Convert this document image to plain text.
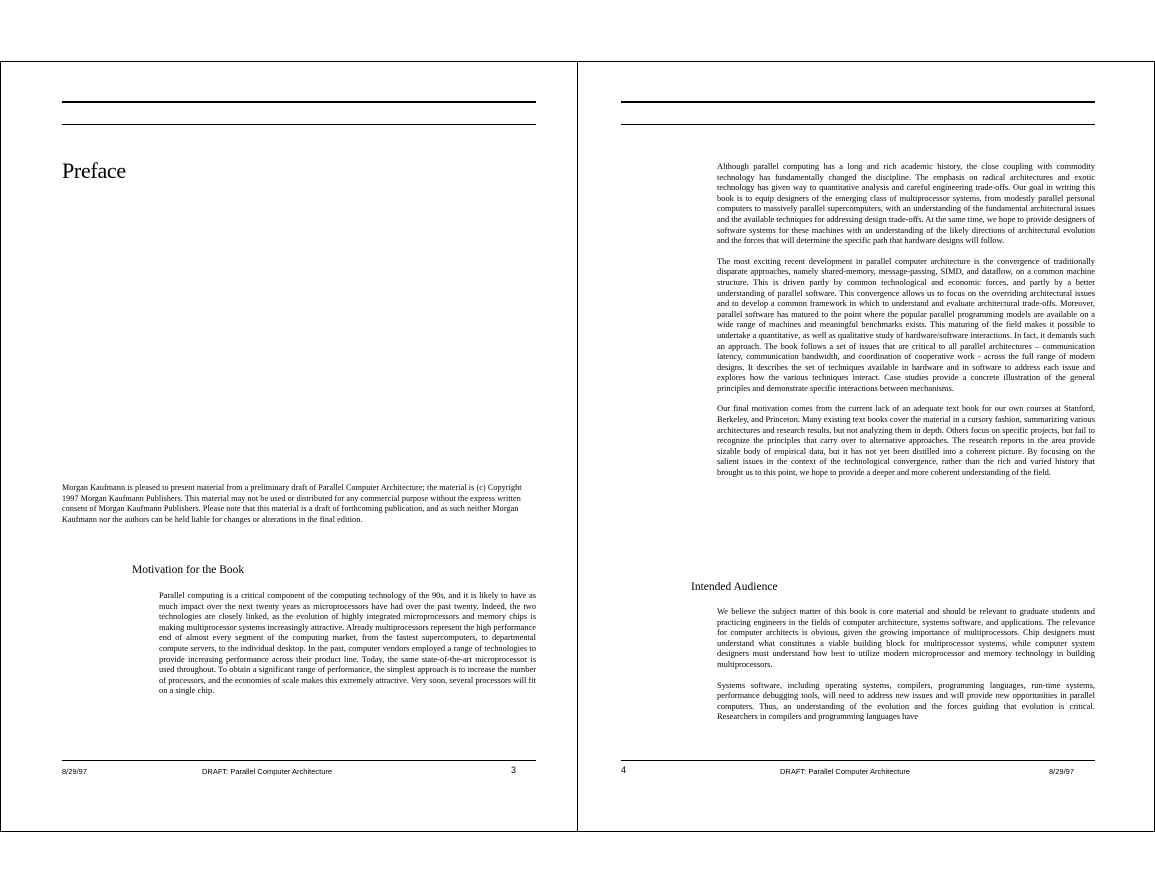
Preface
Morgan Kaufmann is pleased to present material from a preliminary draft of Parallel Computer Architecture; the material is (c) Copyright 1997 Morgan Kaufmann Publishers. This material may not be used or distributed for any commercial purpose without the express written consent of Morgan Kaufmann Publishers. Please note that this material is a draft of forthcoming publication, and as such neither Morgan Kaufmann nor the authors can be held liable for changes or alterations in the final edition.
Motivation for the Book

Parallel computing is a critical component of the computing technology of the 90s, and it is likely to have as much impact over the next twenty years as microprocessors have had over the past twenty. Indeed, the two technologies are closely linked, as the evolution of highly integrated microprocessors and memory chips is making multiprocessor systems increasingly attractive. Already multiprocessors represent the high performance end of almost every segment of the computing market, from the fastest supercomputers, to departmental compute servers, to the individual desktop. In the past, computer vendors employed a range of technologies to provide increasing performance across their product line. Today, the same state-of-the-art microprocessor is used throughout. To obtain a significant range of performance, the simplest approach is to increase the number of processors, and the economies of scale makes this extremely attractive. Very soon, several processors will fit on a single chip.

8/29/97	DRAFT: Parallel Computer Architecture	3

Although parallel computing has a long and rich academic history, the close coupling with commodity technology has fundamentally changed the discipline. The emphasis on radical architectures and exotic technology has given way to quantitative analysis and careful engineering trade-offs. Our goal in writing this book is to equip designers of the emerging class of multiprocessor systems, from modestly parallel personal computers to massively parallel supercomputers, with an understanding of the fundamental architectural issues and the available techniques for addressing design trade-offs. At the same time, we hope to provide designers of software systems for these machines with an understanding of the likely directions of architectural evolution and the forces that will determine the specific path that hardware designs will follow.

The most exciting recent development in parallel computer architecture is the convergence of traditionally disparate approaches, namely shared-memory, message-passing, SIMD, and dataflow, on a common machine structure. This is driven partly by common technological and economic forces, and partly by a better understanding of parallel software. This convergence allows us to focus on the overriding architectural issues and to develop a common framework in which to understand and evaluate architectural trade-offs. Moreover, parallel software has matured to the point where the popular parallel programming models are available on a wide range of machines and meaningful benchmarks exists. This maturing of the field makes it possible to undertake a quantitative, as well as qualitative study of hardware/software interactions. In fact, it demands such an approach. The book follows a set of issues that are critical to all parallel architectures – communication latency, communication bandwidth, and coordination of cooperative work - across the full range of modern designs. It describes the set of techniques available in hardware and in software to address each issue and explores how the various techniques interact. Case studies provide a concrete illustration of the general principles and demonstrate specific interactions between mechanisms.

Our final motivation comes from the current lack of an adequate text book for our own courses at Stanford, Berkeley, and Princeton. Many existing text books cover the material in a cursory fashion, summarizing various architectures and research results, but not analyzing them in depth. Others focus on specific projects, but fail to recognize the principles that carry over to alternative approaches. The research reports in the area provide sizable body of empirical data, but it has not yet been distilled into a coherent picture. By focusing on the salient issues in the context of the technological convergence, rather than the rich and varied history that brought us to this point, we hope to provide a deeper and more coherent understanding of the field.

Intended Audience

We believe the subject matter of this book is core material and should be relevant to graduate students and practicing engineers in the fields of computer architecture, systems software, and applications. The relevance for computer architects is obvious, given the growing importance of multiprocessors. Chip designers must understand what constitutes a viable building block for multiprocessor systems, while computer system designers must understand how best to utilize modern microprocessor and memory technology in building multiprocessors.

Systems software, including operating systems, compilers, programming languages, run-time systems, performance debugging tools, will need to address new issues and will provide new opportunities in parallel computers. Thus, an understanding of the evolution and the forces guiding that evolution is critical. Researchers in compilers and programming languages have

4	DRAFT: Parallel Computer Architecture	8/29/97
